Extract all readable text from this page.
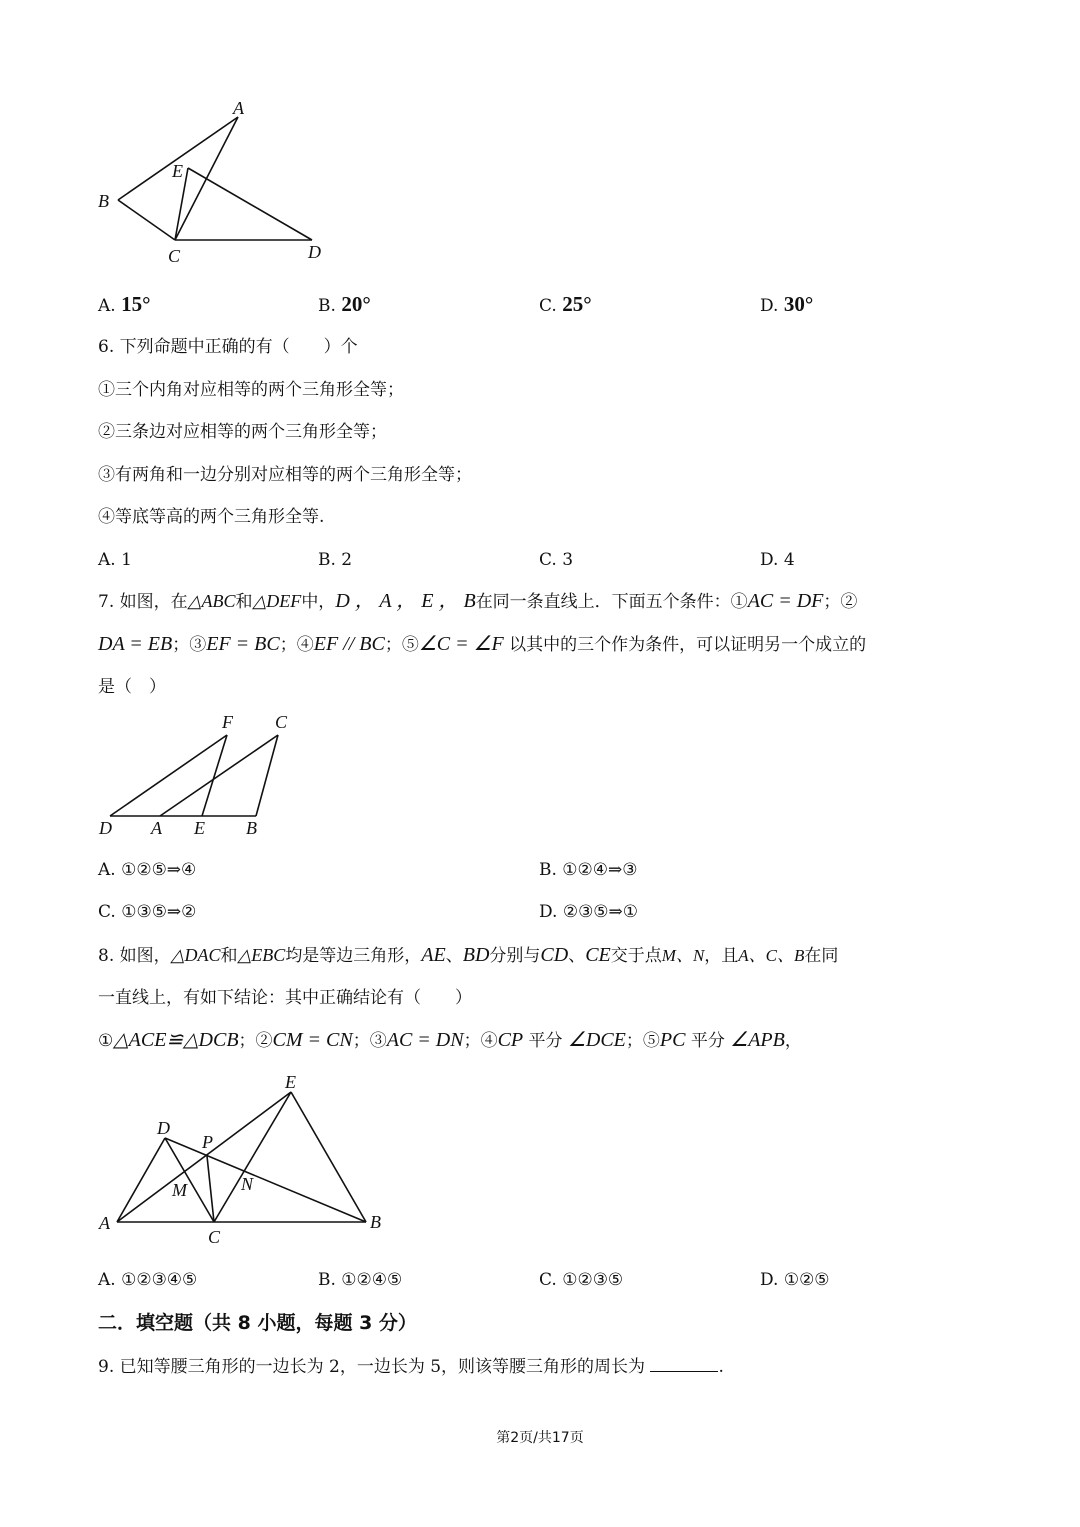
A
B
C	D
E
A. 15°	B. 20°	C. 25°	D. 30°
6. 下列命题中正确的有（　　）个
①三个内角对应相等的两个三角形全等；
②三条边对应相等的两个三角形全等；
③有两角和一边分别对应相等的两个三角形全等；
④等底等高的两个三角形全等.
A. 1	B. 2	C. 3	D. 4
7. 如图，在△ABC和△DEF中，D ， A ， E ， B在同一条直线上．下面五个条件：①AC = DF；②
DA = EB；③EF = BC；④EF // BC；⑤∠C = ∠F 以其中的三个作为条件，可以证明另一个成立的
是（　）
F C
D A E B
A. ①②⑤⇒④	B. ①②④⇒③
C. ①③⑤⇒②	D. ②③⑤⇒①
8. 如图，△DAC和△EBC均是等边三角形，AE、BD分别与CD、CE交于点M、N，且A、C、B在同
一直线上，有如下结论：其中正确结论有（　　）
①△ACE≌△DCB；②CM = CN；③AC = DN；④CP 平分 ∠DCE；⑤PC 平分 ∠APB，
E
D
P
M	N
A
C
B
A. ①②③④⑤	B. ①②④⑤	C. ①②③⑤	D. ①②⑤
二．填空题（共 8 小题，每题 3 分）
9. 已知等腰三角形的一边长为 2，一边长为 5，则该等腰三角形的周长为	.
第2页/共17页
